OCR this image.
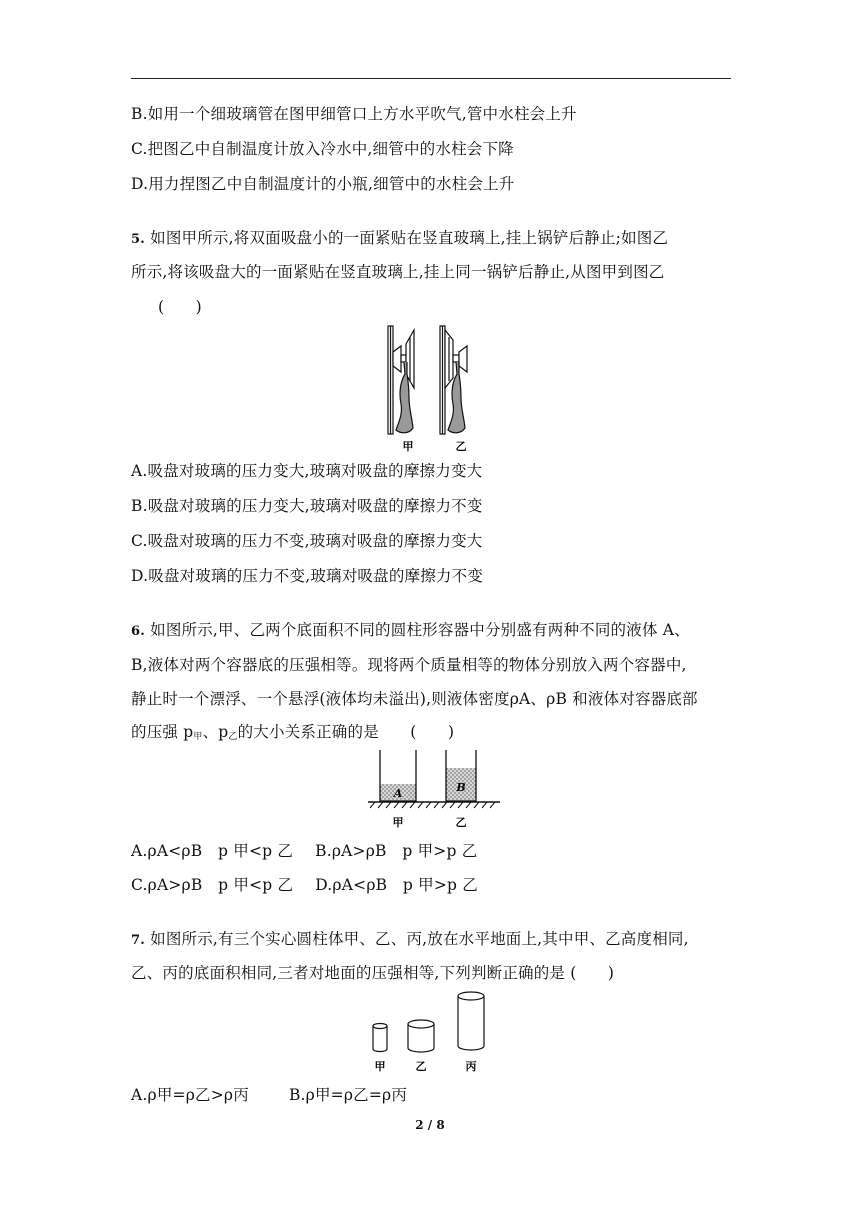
B.如用一个细玻璃管在图甲细管口上方水平吹气,管中水柱会上升
C.把图乙中自制温度计放入冷水中,细管中的水柱会下降
D.用力捏图乙中自制温度计的小瓶,细管中的水柱会上升
5. 如图甲所示,将双面吸盘小的一面紧贴在竖直玻璃上,挂上锅铲后静止;如图乙
所示,将该吸盘大的一面紧贴在竖直玻璃上,挂上同一锅铲后静止,从图甲到图乙
(　　)
甲	乙
A.吸盘对玻璃的压力变大,玻璃对吸盘的摩擦力变大
B.吸盘对玻璃的压力变大,玻璃对吸盘的摩擦力不变
C.吸盘对玻璃的压力不变,玻璃对吸盘的摩擦力变大
D.吸盘对玻璃的压力不变,玻璃对吸盘的摩擦力不变
6. 如图所示,甲、乙两个底面积不同的圆柱形容器中分别盛有两种不同的液体 A、
B,液体对两个容器底的压强相等。现将两个质量相等的物体分别放入两个容器中,
静止时一个漂浮、一个悬浮(液体均未溢出),则液体密度ρA、ρB 和液体对容器底部
的压强 $p_甲$、$p_乙$的大小关系正确的是　　(　　)
A	B
甲	乙
A.ρA<ρB　p 甲<p 乙 B.ρA>ρB　p 甲>p 乙
C.ρA>ρB　p 甲<p 乙 D.ρA<ρB　p 甲>p 乙
7. 如图所示,有三个实心圆柱体甲、乙、丙,放在水平地面上,其中甲、乙高度相同,
乙、丙的底面积相同,三者对地面的压强相等,下列判断正确的是 (　　)
甲	乙	丙
A.ρ甲=ρ乙>ρ丙	B.ρ甲=ρ乙=ρ丙
2 / 8
